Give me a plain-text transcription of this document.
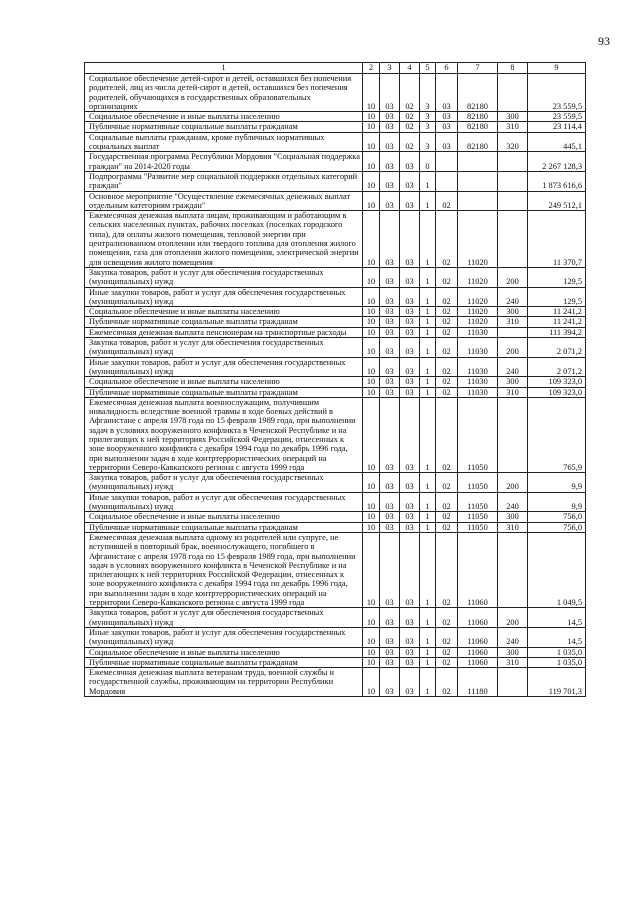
93
1	2	3	4	5	6	7	8	9
Социальное обеспечение детей-сирот и детей, оставшихся без попечения родителей, лиц из числа детей-сирот и детей, оставшихся без попечения родителей, обучающихся в государственных образовательных организациях	10	03	02	3	03	82180		23 559,5
Социальное обеспечение и иные выплаты населению	10	03	02	3	03	82180	300	23 559,5
Публичные нормативные социальные выплаты гражданам	10	03	02	3	03	82180	310	23 114,4
Социальные выплаты гражданам, кроме публичных нормативных социальных выплат	10	03	02	3	03	82180	320	445,1
Государственная программа Республики Мордовия "Социальная поддержка граждан" на 2014-2020 годы	10	03	03	0				2 267 128,3
Подпрограмма "Развитие мер социальной поддержки отдельных категорий граждан"	10	03	03	1				1 873 616,6
Основное мероприятие "Осуществление ежемесячных денежных выплат отдельным категориям граждан"	10	03	03	1	02			249 512,1
Ежемесячная денежная выплата лицам, проживающим и работающим в сельских населенных пунктах, рабочих поселках (поселках городского типа), для оплаты жилого помещения, тепловой энергии при централизованном отоплении или твердого топлива для отопления жилого помещения, газа для отопления жилого помещения, электрической энергии для освещения жилого помещения	10	03	03	1	02	11020		11 370,7
Закупка товаров, работ и услуг для обеспечения государственных (муниципальных) нужд	10	03	03	1	02	11020	200	129,5
Иные закупки товаров, работ и услуг для обеспечения государственных (муниципальных) нужд	10	03	03	1	02	11020	240	129,5
Социальное обеспечение и иные выплаты населению	10	03	03	1	02	11020	300	11 241,2
Публичные нормативные социальные выплаты гражданам	10	03	03	1	02	11020	310	11 241,2
Ежемесячная денежная выплата пенсионерам на транспортные расходы	10	03	03	1	02	11030		111 394,2
Закупка товаров, работ и услуг для обеспечения государственных (муниципальных) нужд	10	03	03	1	02	11030	200	2 071,2
Иные закупки товаров, работ и услуг для обеспечения государственных (муниципальных) нужд	10	03	03	1	02	11030	240	2 071,2
Социальное обеспечение и иные выплаты населению	10	03	03	1	02	11030	300	109 323,0
Публичные нормативные социальные выплаты гражданам	10	03	03	1	02	11030	310	109 323,0
Ежемесячная денежная выплата военнослужащим, получившим инвалидность вследствие военной травмы в ходе боевых действий в Афганистане с апреля 1978 года по 15 февраля 1989 года, при выполнении задач в условиях вооруженного конфликта в Чеченской Республике и на прилегающих к ней территориях Российской Федерации, отнесенных к зоне вооруженного конфликта с декабря 1994 года по декабрь 1996 года, при выполнении задач в ходе контртеррористических операций на территории Северо-Кавказского региона с августа 1999 года	10	03	03	1	02	11050		765,9
Закупка товаров, работ и услуг для обеспечения государственных (муниципальных) нужд	10	03	03	1	02	11050	200	9,9
Иные закупки товаров, работ и услуг для обеспечения государственных (муниципальных) нужд	10	03	03	1	02	11050	240	9,9
Социальное обеспечение и иные выплаты населению	10	03	03	1	02	11050	300	756,0
Публичные нормативные социальные выплаты гражданам	10	03	03	1	02	11050	310	756,0
Ежемесячная денежная выплата одному из родителей или супруге, не вступившей в повторный брак, военнослужащего, погибшего в Афганистане с апреля 1978 года по 15 февраля 1989 года, при выполнении задач в условиях вооруженного конфликта в Чеченской Республике и на прилегающих к ней территориях Российской Федерации, отнесенных к зоне вооруженного конфликта с декабря 1994 года по декабрь 1996 года, при выполнении задач в ходе контртеррористических операций на территории Северо-Кавказского региона с августа 1999 года	10	03	03	1	02	11060		1 049,5
Закупка товаров, работ и услуг для обеспечения государственных (муниципальных) нужд	10	03	03	1	02	11060	200	14,5
Иные закупки товаров, работ и услуг для обеспечения государственных (муниципальных) нужд	10	03	03	1	02	11060	240	14,5
Социальное обеспечение и иные выплаты населению	10	03	03	1	02	11060	300	1 035,0
Публичные нормативные социальные выплаты гражданам	10	03	03	1	02	11060	310	1 035,0
Ежемесячная денежная выплата ветеранам труда, военной службы и государственной службы, проживающим на территории Республики Мордовия	10	03	03	1	02	11180		119 701,3
